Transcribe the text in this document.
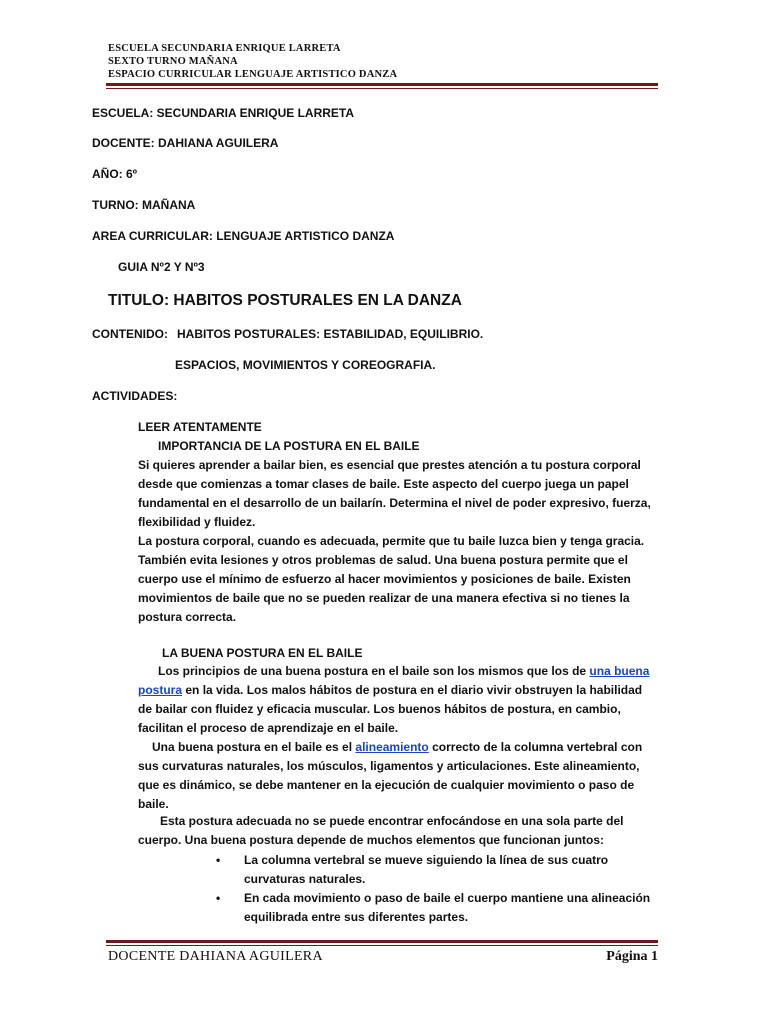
ESCUELA SECUNDARIA ENRIQUE LARRETA
SEXTO TURNO MAÑANA
ESPACIO CURRICULAR LENGUAJE ARTISTICO DANZA
ESCUELA: SECUNDARIA ENRIQUE LARRETA
DOCENTE: DAHIANA AGUILERA
AÑO: 6º
TURNO: MAÑANA
AREA CURRICULAR: LENGUAJE ARTISTICO DANZA
GUIA Nº2 Y Nº3
TITULO: HABITOS POSTURALES EN LA DANZA
CONTENIDO: HABITOS POSTURALES: ESTABILIDAD, EQUILIBRIO.
ESPACIOS, MOVIMIENTOS Y COREOGRAFIA.
ACTIVIDADES:
LEER ATENTAMENTE
IMPORTANCIA DE LA POSTURA EN EL BAILE

Si quieres aprender a bailar bien, es esencial que prestes atención a tu postura corporal desde que comienzas a tomar clases de baile. Este aspecto del cuerpo juega un papel fundamental en el desarrollo de un bailarín. Determina el nivel de poder expresivo, fuerza, flexibilidad y fluidez.

La postura corporal, cuando es adecuada, permite que tu baile luzca bien y tenga gracia. También evita lesiones y otros problemas de salud. Una buena postura permite que el cuerpo use el mínimo de esfuerzo al hacer movimientos y posiciones de baile. Existen movimientos de baile que no se pueden realizar de una manera efectiva si no tienes la postura correcta.

LA BUENA POSTURA EN EL BAILE

Los principios de una buena postura en el baile son los mismos que los de una buena postura en la vida. Los malos hábitos de postura en el diario vivir obstruyen la habilidad de bailar con fluidez y eficacia muscular. Los buenos hábitos de postura, en cambio, facilitan el proceso de aprendizaje en el baile.

Una buena postura en el baile es el alineamiento correcto de la columna vertebral con sus curvaturas naturales, los músculos, ligamentos y articulaciones. Este alineamiento, que es dinámico, se debe mantener en la ejecución de cualquier movimiento o paso de baile.

Esta postura adecuada no se puede encontrar enfocándose en una sola parte del cuerpo. Una buena postura depende de muchos elementos que funcionan juntos:

• La columna vertebral se mueve siguiendo la línea de sus cuatro curvaturas naturales.
• En cada movimiento o paso de baile el cuerpo mantiene una alineación equilibrada entre sus diferentes partes.
DOCENTE DAHIANA AGUILERA	Página 1
